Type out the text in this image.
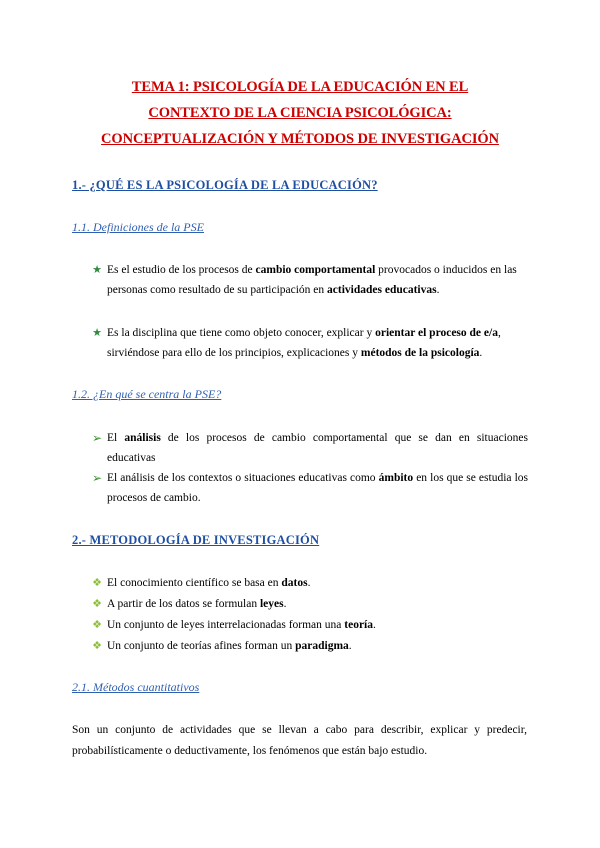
TEMA 1: PSICOLOGÍA DE LA EDUCACIÓN EN EL
CONTEXTO DE LA CIENCIA PSICOLÓGICA:
CONCEPTUALIZACIÓN Y MÉTODOS DE INVESTIGACIÓN
1.- ¿QUÉ ES LA PSICOLOGÍA DE LA EDUCACIÓN?
1.1. Definiciones de la PSE
★ Es el estudio de los procesos de cambio comportamental provocados o inducidos en las personas como resultado de su participación en actividades educativas.
★ Es la disciplina que tiene como objeto conocer, explicar y orientar el proceso de e/a, sirviéndose para ello de los principios, explicaciones y métodos de la psicología.
1.2. ¿En qué se centra la PSE?
➢ El análisis de los procesos de cambio comportamental que se dan en situaciones educativas
➢ El análisis de los contextos o situaciones educativas como ámbito en los que se estudia los procesos de cambio.
2.- METODOLOGÍA DE INVESTIGACIÓN
❖ El conocimiento científico se basa en datos.
❖ A partir de los datos se formulan leyes.
❖ Un conjunto de leyes interrelacionadas forman una teoría.
❖ Un conjunto de teorías afines forman un paradigma.
2.1. Métodos cuantitativos
Son un conjunto de actividades que se llevan a cabo para describir, explicar y predecir, probabilísticamente o deductivamente, los fenómenos que están bajo estudio.
